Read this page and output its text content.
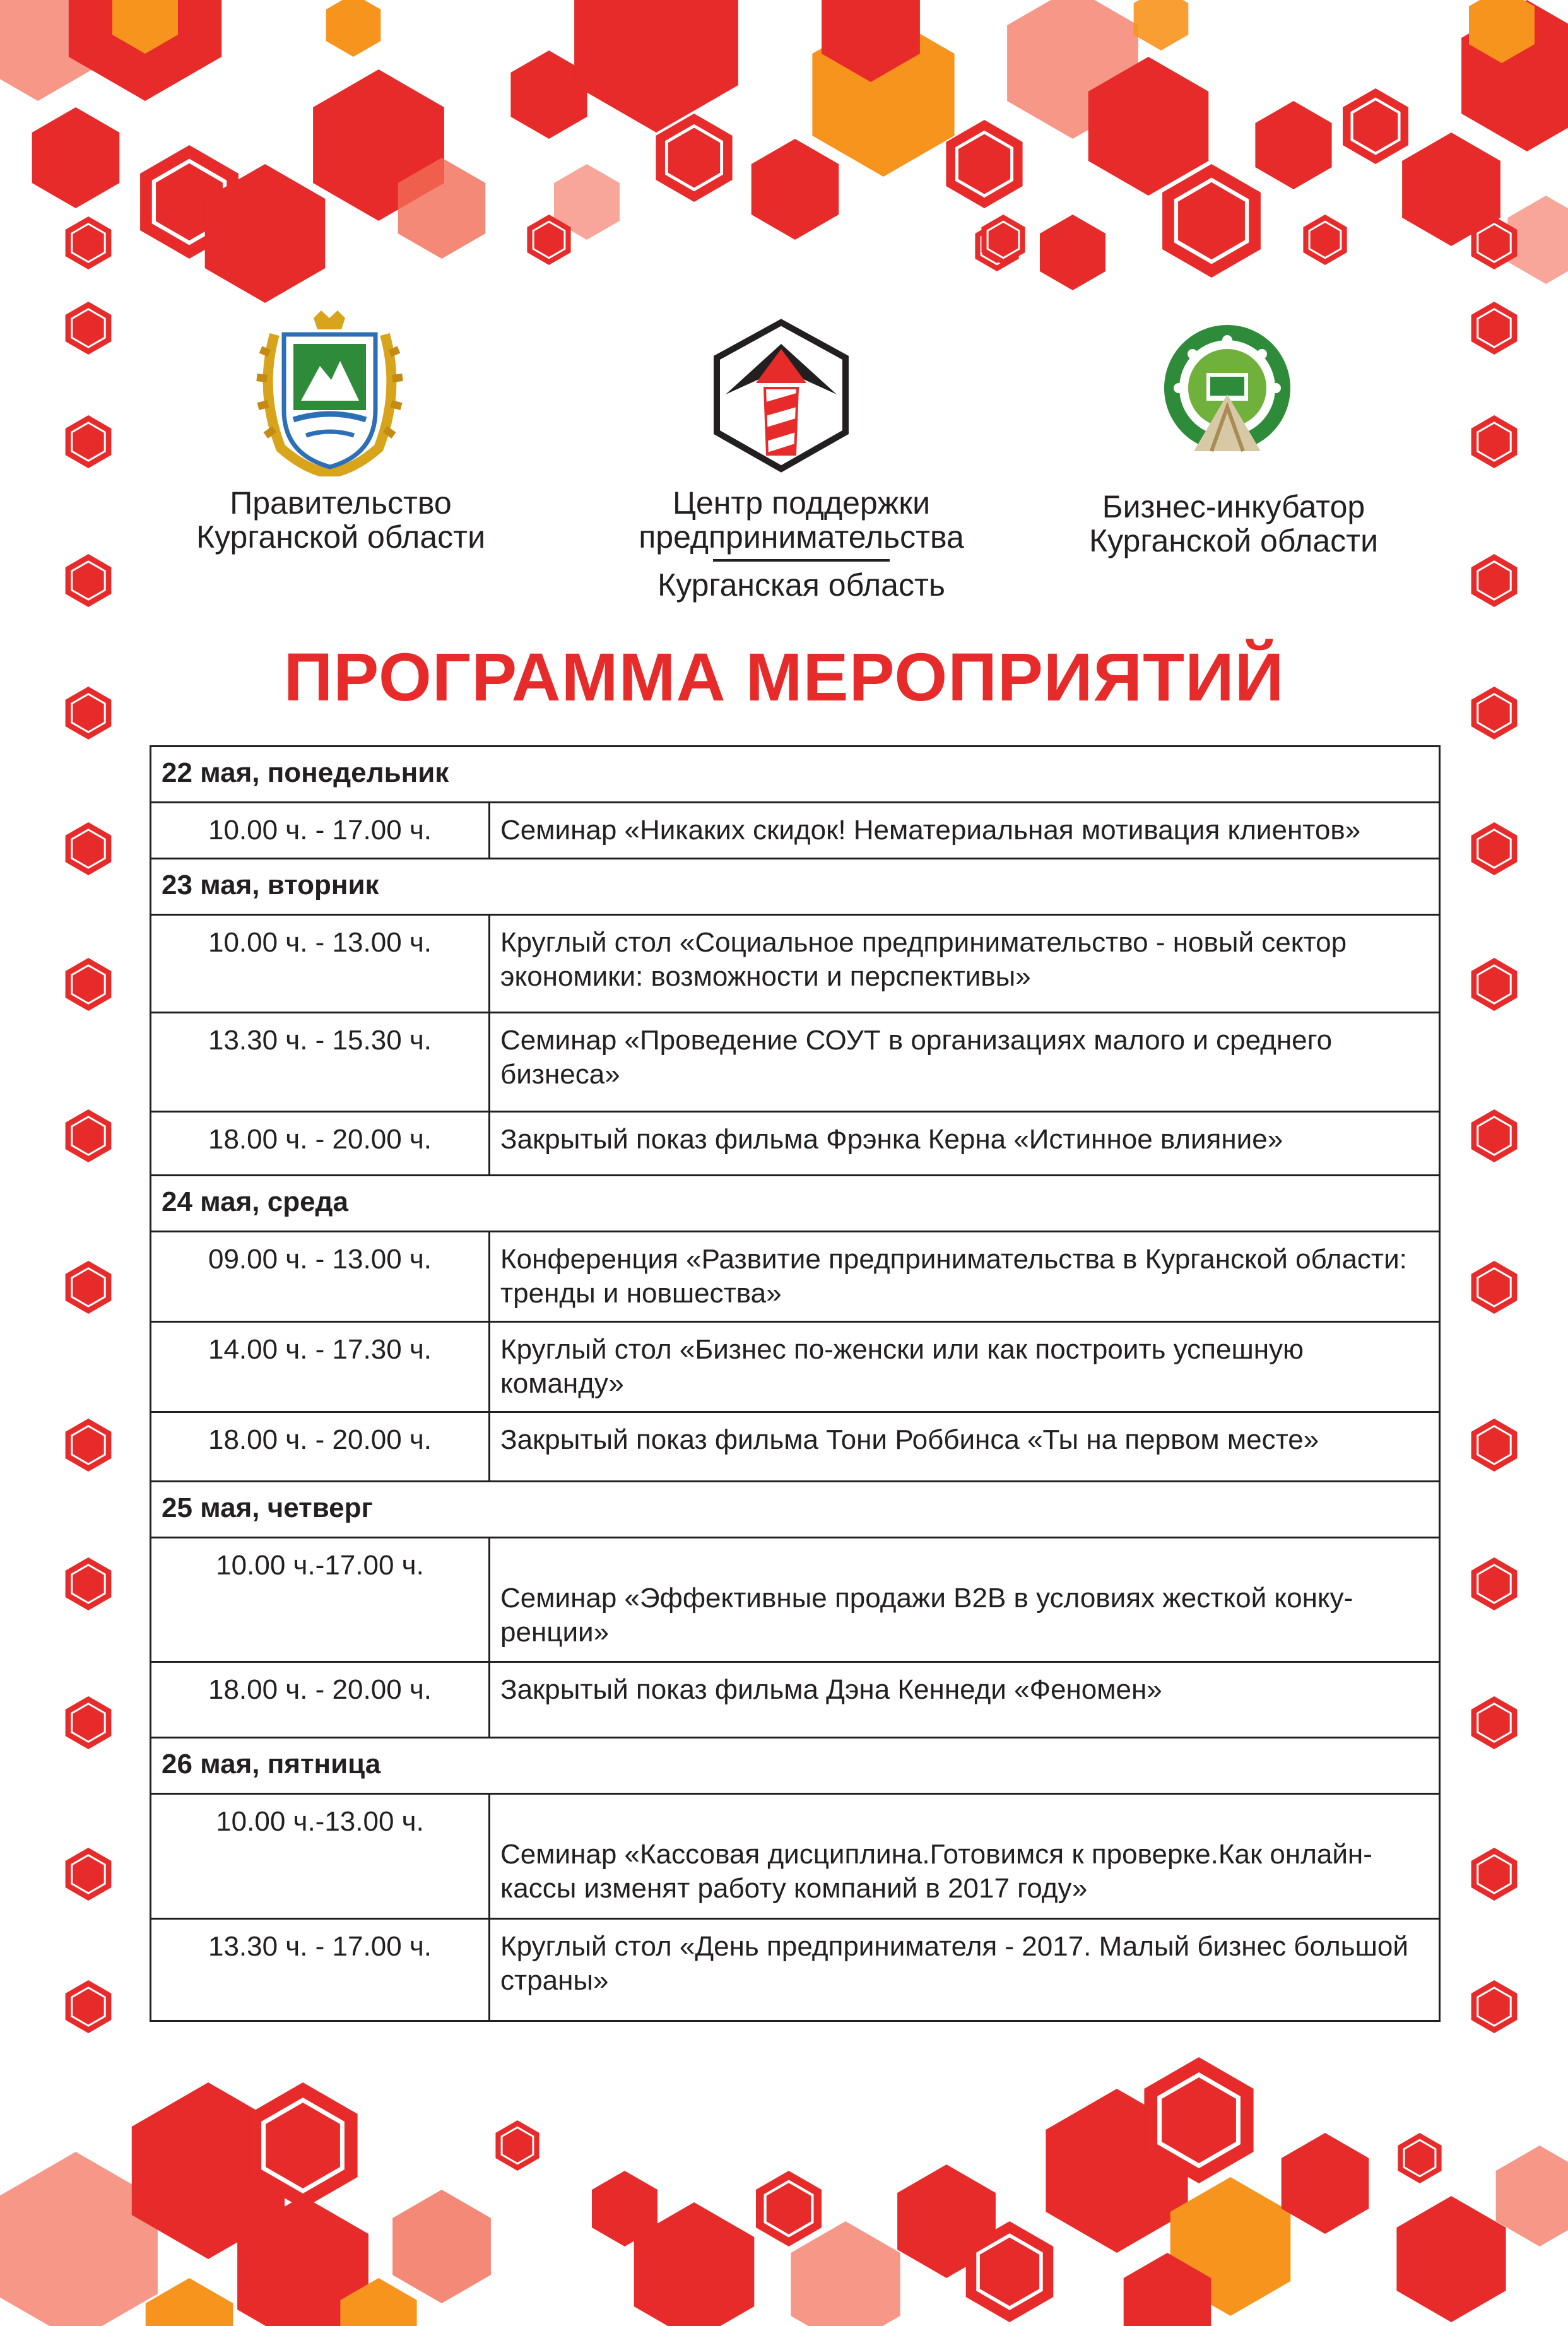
Правительство
Курганской области
Центр поддержки
предпринимательства
Курганская область
Бизнес-инкубатор
Курганской области
ПРОГРАММА МЕРОПРИЯТИЙ
22 мая, понедельник	
10.00 ч. - 17.00 ч.	Семинар «Никаких скидок! Нематериальная мотивация клиентов»
23 мая, вторник	
10.00 ч. - 13.00 ч.	Круглый стол «Социальное предпринимательство - новый сектор экономики: возможности и перспективы»
13.30 ч. - 15.30 ч.	Семинар «Проведение СОУТ в организациях малого и среднего бизнеса»
18.00 ч. - 20.00 ч.	Закрытый показ фильма Фрэнка Керна «Истинное влияние»
24 мая, среда	
09.00 ч. - 13.00 ч.	Конференция «Развитие предпринимательства в Курганской области: тренды и новшества»
14.00 ч. - 17.30 ч.	Круглый стол «Бизнес по-женски или как построить успешную команду»
18.00 ч. - 20.00 ч.	Закрытый показ фильма Тони Роббинса «Ты на первом месте»
25 мая, четверг	
10.00 ч.-17.00 ч.	Семинар «Эффективные продажи B2B в условиях жесткой конку-ренции»
18.00 ч. - 20.00 ч.	Закрытый показ фильма Дэна Кеннеди «Феномен»
26 мая, пятница	
10.00 ч.-13.00 ч.	Семинар «Кассовая дисциплина.Готовимся к проверке.Как онлайн-кассы изменят работу компаний в 2017 году»
13.30 ч. - 17.00 ч.	Круглый стол «День предпринимателя - 2017. Малый бизнес большой страны»
